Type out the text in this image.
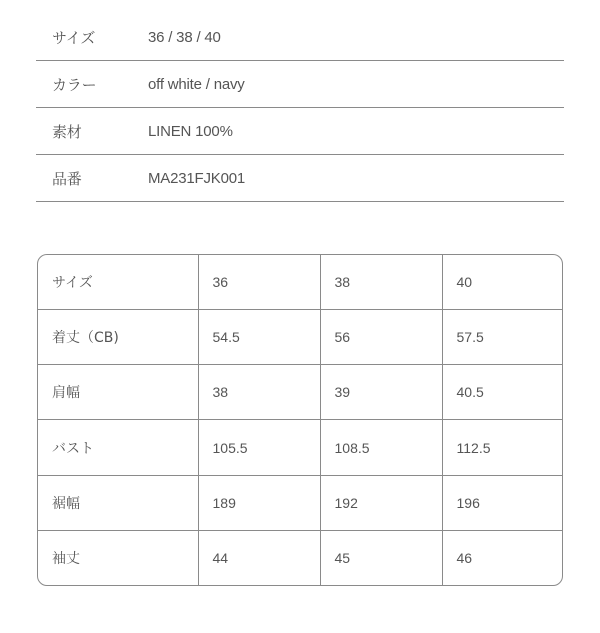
サイズ	36 / 38 / 40
カラー	off white / navy
素材	LINEN 100%
品番	MA231FJK001
サイズ	36	38	40
着丈（CB)	54.5	56	57.5
肩幅	38	39	40.5
バスト	105.5	108.5	112.5
裾幅	189	192	196
袖丈	44	45	46
